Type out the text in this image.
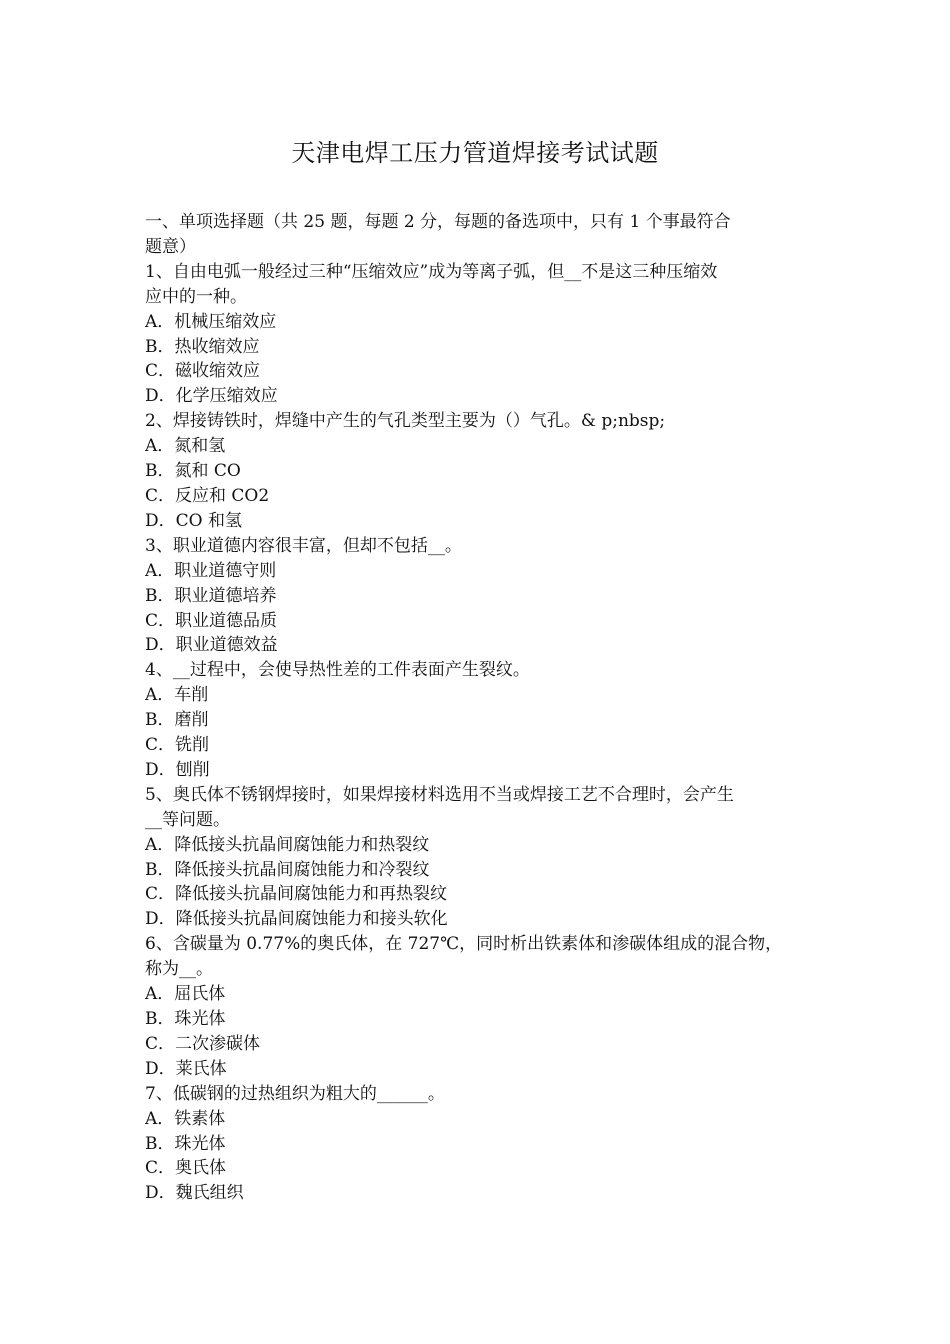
天津电焊工压力管道焊接考试试题
一、单项选择题（共 25 题，每题 2 分，每题的备选项中，只有 1 个事最符合
题意）
1、自由电弧一般经过三种“压缩效应”成为等离子弧，但__不是这三种压缩效
应中的一种。
A．机械压缩效应
B．热收缩效应
C．磁收缩效应
D．化学压缩效应
2、焊接铸铁时，焊缝中产生的气孔类型主要为（）气孔。& p;nbsp;
A．氮和氢
B．氮和 CO
C．反应和 CO2
D．CO 和氢
3、职业道德内容很丰富，但却不包括__。
A．职业道德守则
B．职业道德培养
C．职业道德品质
D．职业道德效益
4、__过程中，会使导热性差的工件表面产生裂纹。
A．车削
B．磨削
C．铣削
D．刨削
5、奥氏体不锈钢焊接时，如果焊接材料选用不当或焊接工艺不合理时，会产生
__等问题。
A．降低接头抗晶间腐蚀能力和热裂纹
B．降低接头抗晶间腐蚀能力和冷裂纹
C．降低接头抗晶间腐蚀能力和再热裂纹
D．降低接头抗晶间腐蚀能力和接头软化
6、含碳量为 0.77%的奥氏体，在 727℃，同时析出铁素体和渗碳体组成的混合物，
称为__。
A．屈氏体
B．珠光体
C．二次渗碳体
D．莱氏体
7、低碳钢的过热组织为粗大的______。
A．铁素体
B．珠光体
C．奥氏体
D．魏氏组织
